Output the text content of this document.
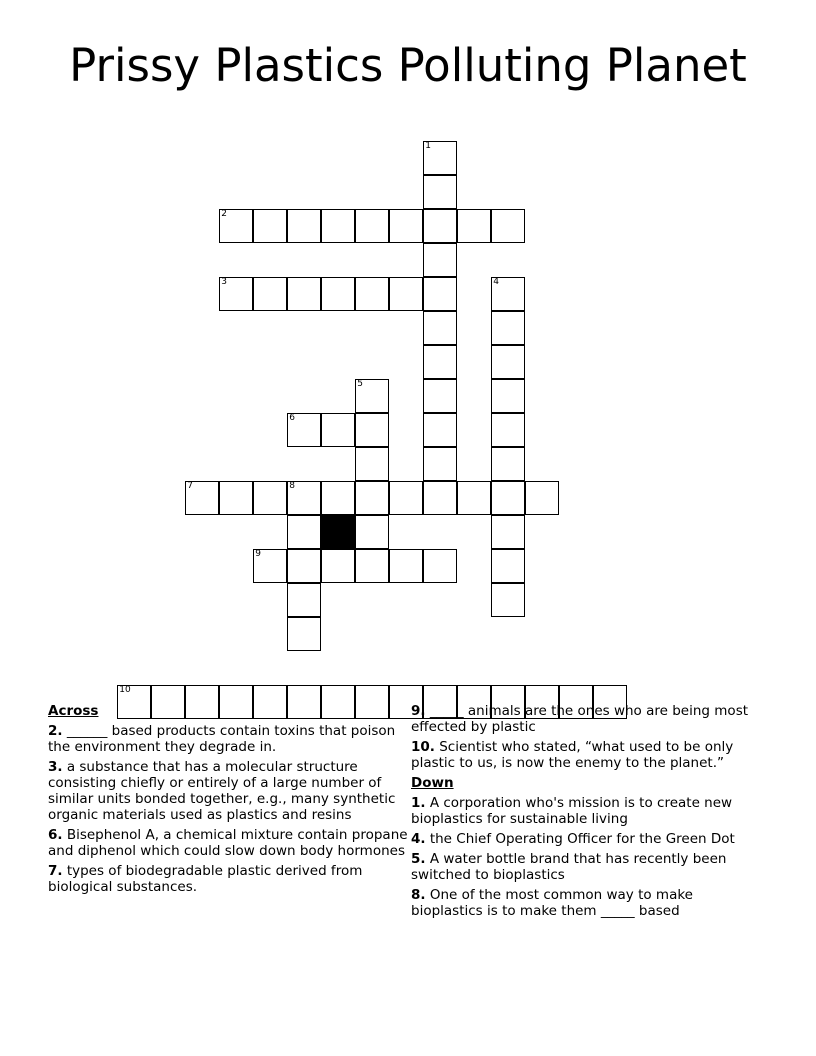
Prissy Plastics Polluting Planet
1
2
3	4
5
6
7	8
9
10
Across
2. ______ based products contain toxins that poison the environment they degrade in.
3. a substance that has a molecular structure consisting chiefly or entirely of a large number of similar units bonded together, e.g., many synthetic organic materials used as plastics and resins
6. Bisephenol A, a chemical mixture contain propane and diphenol which could slow down body hormones
7. types of biodegradable plastic derived from biological substances.
9. _____ animals are the ones who are being most effected by plastic
10. Scientist who stated, “what used to be only plastic to us, is now the enemy to the planet.”
Down
1. A corporation who's mission is to create new bioplastics for sustainable living
4. the Chief Operating Officer for the Green Dot
5. A water bottle brand that has recently been switched to bioplastics
8. One of the most common way to make bioplastics is to make them _____ based
